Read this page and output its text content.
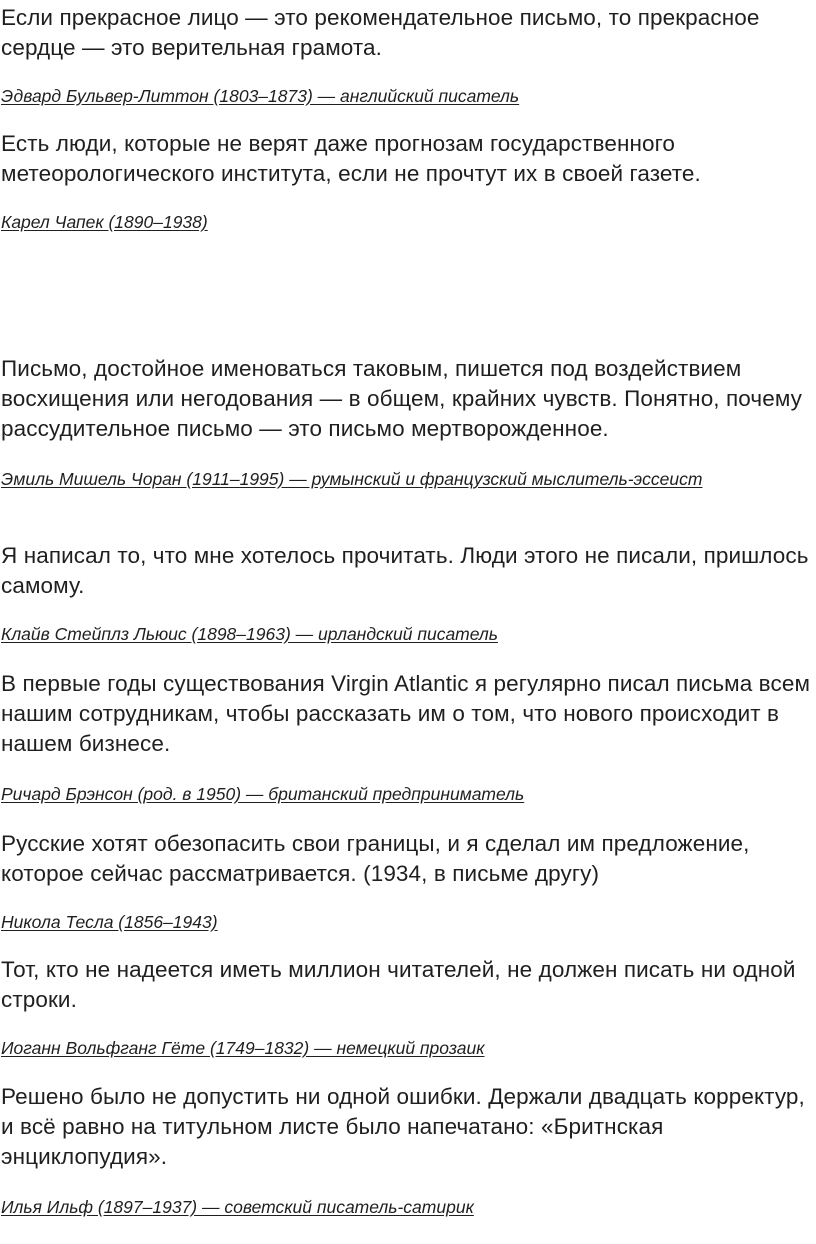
Если прекрасное лицо — это рекомендательное письмо, то прекрасное сердце — это верительная грамота.

Эдвард Бульвер-Литтон (1803–1873) — английский писатель

Есть люди, которые не верят даже прогнозам государственного метеорологического института, если не прочтут их в своей газете.

Карел Чапек (1890–1938)

Письмо, достойное именоваться таковым, пишется под воздействием восхищения или негодования — в общем, крайних чувств. Понятно, почему рассудительное письмо — это письмо мертворожденное.

Эмиль Мишель Чоран (1911–1995) — румынский и французский мыслитель-эссеист

Я написал то, что мне хотелось прочитать. Люди этого не писали, пришлось самому.

Клайв Стейплз Льюис (1898–1963) — ирландский писатель

В первые годы существования Virgin Atlantic я регулярно писал письма всем нашим сотрудникам, чтобы рассказать им о том, что нового происходит в нашем бизнесе.

Ричард Брэнсон (род. в 1950) — британский предприниматель

Русские хотят обезопасить свои границы, и я сделал им предложение, которое сейчас рассматривается. (1934, в письме другу)

Никола Тесла (1856–1943)

Тот, кто не надеется иметь миллион читателей, не должен писать ни одной строки.

Иоганн Вольфганг Гёте (1749–1832) — немецкий прозаик

Решено было не допустить ни одной ошибки. Держали двадцать корректур, и всё равно на титульном листе было напечатано: «Бритнская энциклопудия».

Илья Ильф (1897–1937) — советский писатель-сатирик
